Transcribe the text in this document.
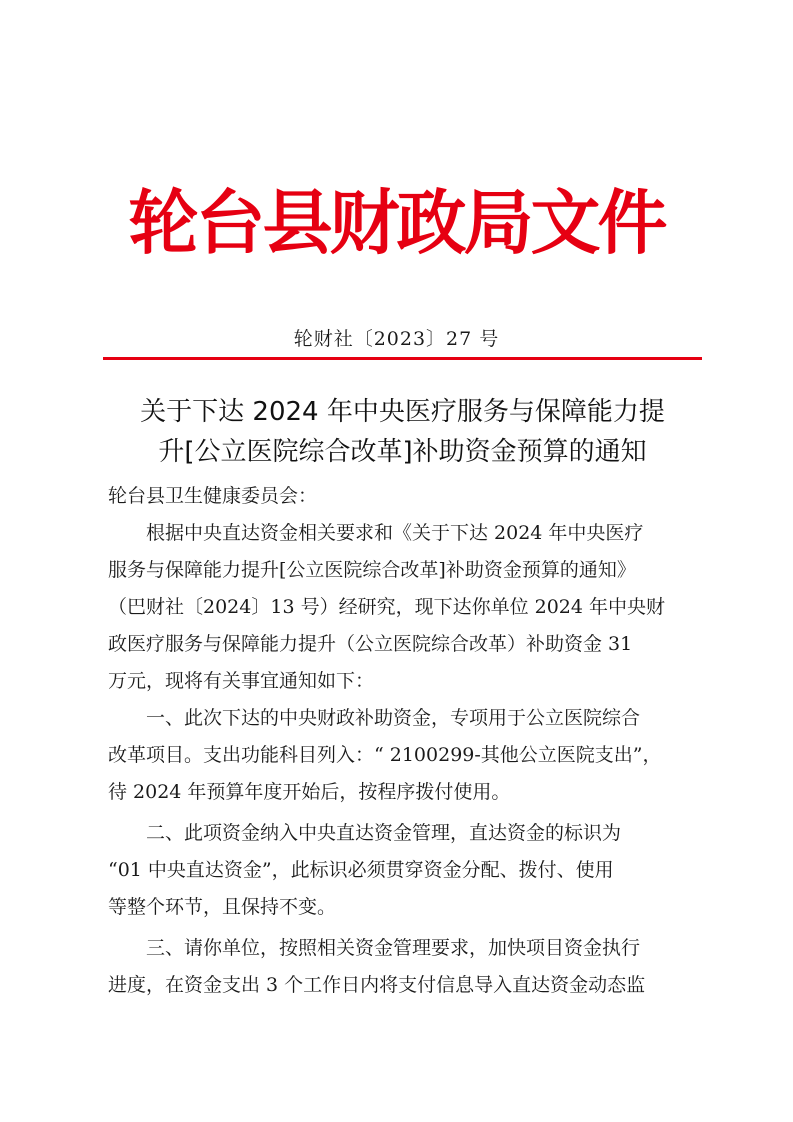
轮台县财政局文件
轮财社〔2023〕27 号
关于下达 2024 年中央医疗服务与保障能力提
升[公立医院综合改革]补助资金预算的通知

轮台县卫生健康委员会：

根据中央直达资金相关要求和《关于下达 2024 年中央医疗
服务与保障能力提升[公立医院综合改革]补助资金预算的通知》
（巴财社〔2024〕13 号）经研究，现下达你单位 2024 年中央财
政医疗服务与保障能力提升（公立医院综合改革）补助资金 31
万元，现将有关事宜通知如下：

一、此次下达的中央财政补助资金，专项用于公立医院综合
改革项目。支出功能科目列入：“ 2100299-其他公立医院支出”，
待 2024 年预算年度开始后，按程序拨付使用。

二、此项资金纳入中央直达资金管理，直达资金的标识为
“01 中央直达资金”，此标识必须贯穿资金分配、拨付、使用
等整个环节，且保持不变。

三、请你单位，按照相关资金管理要求，加快项目资金执行
进度，在资金支出 3 个工作日内将支付信息导入直达资金动态监
